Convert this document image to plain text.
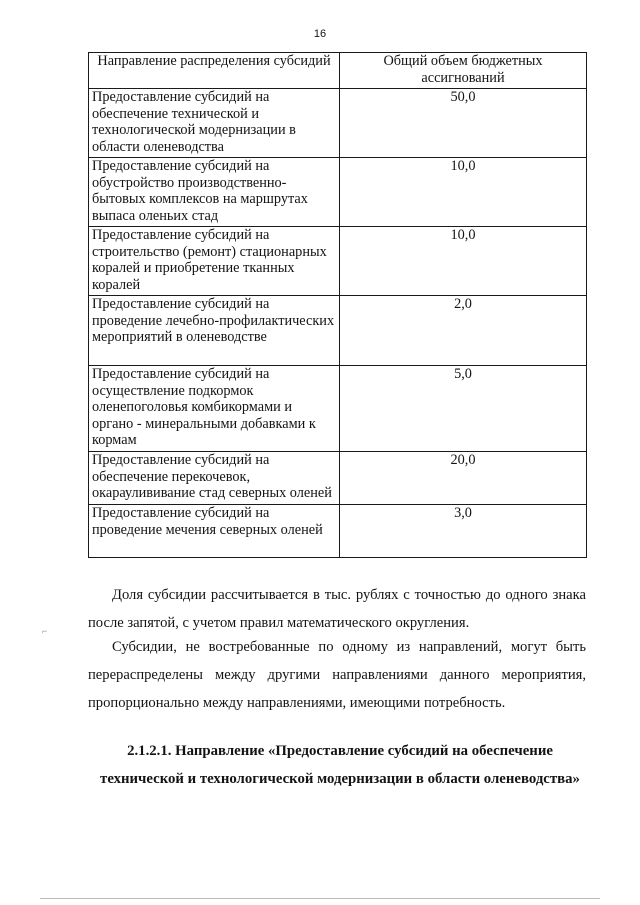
16
Направление распределения субсидий	Общий объем бюджетных ассигнований
Предоставление субсидий на обеспечение технической и технологической модернизации в области оленеводства	50,0
Предоставление субсидий на обустройство производственно-бытовых комплексов на маршрутах выпаса оленьих стад	10,0
Предоставление субсидий на строительство (ремонт) стационарных коралей и приобретение тканных коралей	10,0
Предоставление субсидий на проведение лечебно-профилактических мероприятий в оленеводстве	2,0
Предоставление субсидий на осуществление подкормок оленепоголовья комбикормами и органо - минеральными добавками к кормам	5,0
Предоставление субсидий на обеспечение перекочевок, окараулививание стад северных оленей	20,0
Предоставление субсидий на проведение мечения северных оленей	3,0

Доля субсидии рассчитывается в тыс. рублях с точностью до одного знака
после запятой, с учетом правил математического округления.

Субсидии, не востребованные по одному из направлений, могут быть
перераспределены между другими направлениями данного мероприятия,
пропорционально между направлениями, имеющими потребность.

2.1.2.1. Направление «Предоставление субсидий на обеспечение
технической и технологической модернизации в области оленеводства»
⌐
